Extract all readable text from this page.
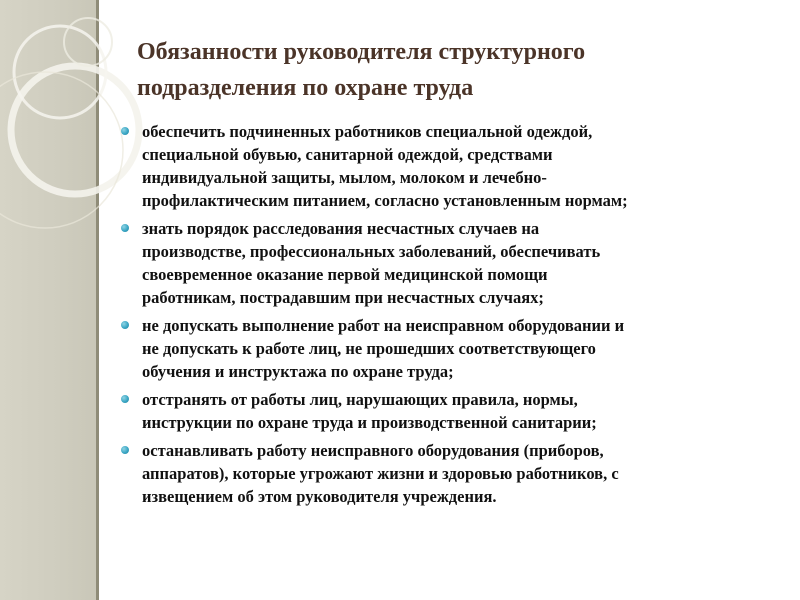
Обязанности руководителя структурного
подразделения по охране труда
обеспечить подчиненных работников специальной одеждой,
специальной обувью, санитарной одеждой, средствами
индивидуальной защиты, мылом, молоком и лечебно-
профилактическим питанием, согласно установленным нормам;
знать порядок расследования несчастных случаев на
производстве, профессиональных заболеваний, обеспечивать
своевременное оказание первой медицинской помощи
работникам, пострадавшим при несчастных случаях;
не допускать выполнение работ на неисправном оборудовании и
не допускать к работе лиц, не прошедших соответствующего
обучения и инструктажа по охране труда;
отстранять от работы лиц, нарушающих правила, нормы,
инструкции по охране труда и производственной санитарии;
останавливать работу неисправного оборудования (приборов,
аппаратов), которые угрожают жизни и здоровью работников, с
извещением об этом руководителя учреждения.
